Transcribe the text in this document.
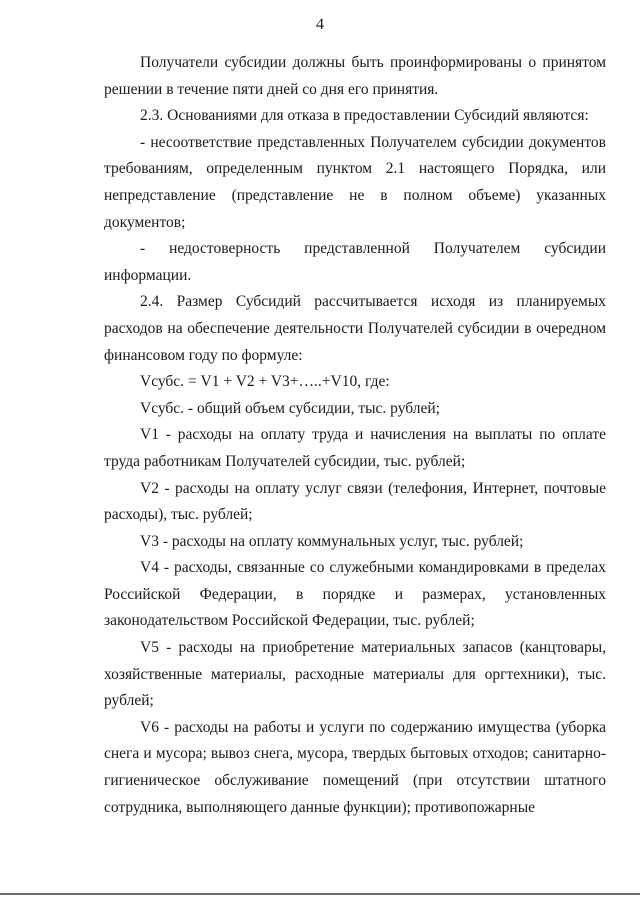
4

Получатели субсидии должны быть проинформированы о принятом решении в течение пяти дней со дня его принятия.

2.3. Основаниями для отказа в предоставлении Субсидий являются:

- несоответствие представленных Получателем субсидии документов требованиям, определенным пунктом 2.1 настоящего Порядка, или непредставление (представление не в полном объеме) указанных документов;

- недостоверность представленной Получателем субсидии информации.

2.4. Размер Субсидий рассчитывается исходя из планируемых расходов на обеспечение деятельности Получателей субсидии в очередном финансовом году по формуле:

Vсубс. = V1 + V2 + V3+…..+V10, где:

Vсубс. - общий объем субсидии, тыс. рублей;

V1 - расходы на оплату труда и начисления на выплаты по оплате труда работникам Получателей субсидии, тыс. рублей;

V2 - расходы на оплату услуг связи (телефония, Интернет, почтовые расходы), тыс. рублей;

V3 - расходы на оплату коммунальных услуг, тыс. рублей;

V4 - расходы, связанные со служебными командировками в пределах Российской Федерации, в порядке и размерах, установленных законодательством Российской Федерации, тыс. рублей;

V5 - расходы на приобретение материальных запасов (канцтовары, хозяйственные материалы, расходные материалы для оргтехники), тыс. рублей;

V6 - расходы на работы и услуги по содержанию имущества (уборка снега и мусора; вывоз снега, мусора, твердых бытовых отходов; санитарно-гигиеническое обслуживание помещений (при отсутствии штатного сотрудника, выполняющего данные функции); противопожарные
